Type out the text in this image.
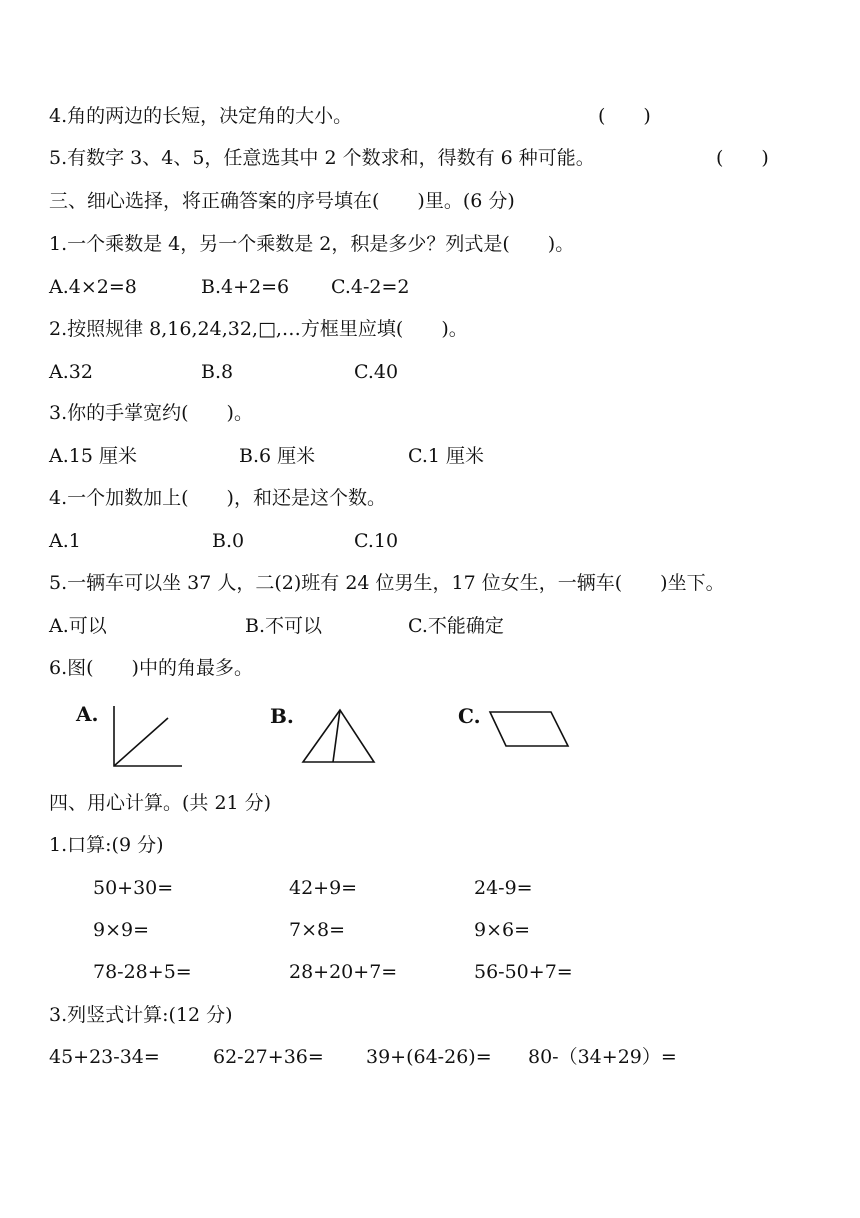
4.角的两边的长短，决定角的大小。	(　　)
5.有数字 3、4、5，任意选其中 2 个数求和，得数有 6 种可能。	(　　)
三、细心选择，将正确答案的序号填在(　　)里。(6 分)
1.一个乘数是 4，另一个乘数是 2，积是多少？列式是(　　)。
A.4×2=8	B.4+2=6 C.4-2=2
2.按照规律 8,16,24,32,□,…方框里应填(　　)。
A.32	B.8	C.40
3.你的手掌宽约(　　)。
A.15 厘米	B.6 厘米	C.1 厘米
4.一个加数加上(　　)，和还是这个数。
A.1	B.0	C.10
5.一辆车可以坐 37 人，二(2)班有 24 位男生，17 位女生，一辆车(　　)坐下。
A.可以	B.不可以	C.不能确定
6.图(　　)中的角最多。
A.	B.	C.
四、用心计算。(共 21 分)
1.口算:(9 分)
50+30=	42+9=	24-9=
9×9=	7×8=	9×6=
78-28+5=	28+20+7=	56-50+7=
3.列竖式计算:(12 分)
45+23-34=	62-27+36= 39+(64-26)= 80-（34+29）=
